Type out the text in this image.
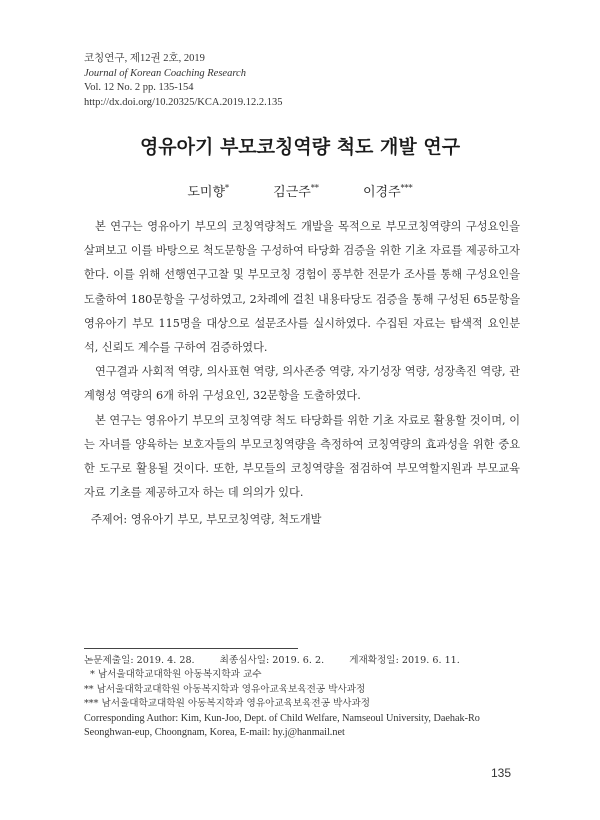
코칭연구, 제12권 2호, 2019
Journal of Korean Coaching Research
Vol. 12 No. 2 pp. 135-154
http://dx.doi.org/10.20325/KCA.2019.12.2.135
영유아기 부모코칭역량 척도 개발 연구
도미향*	김근주**	이경주***

본 연구는 영유아기 부모의 코칭역량척도 개발을 목적으로 부모코칭역량의 구성요인을 살펴보고 이를 바탕으로 척도문항을 구성하여 타당화 검증을 위한 기초 자료를 제공하고자 한다. 이를 위해 선행연구고찰 및 부모코칭 경험이 풍부한 전문가 조사를 통해 구성요인을 도출하여 180문항을 구성하였고, 2차례에 걸친 내용타당도 검증을 통해 구성된 65문항을 영유아기 부모 115명을 대상으로 설문조사를 실시하였다. 수집된 자료는 탐색적 요인분석, 신뢰도 계수를 구하여 검증하였다.

연구결과 사회적 역량, 의사표현 역량, 의사존중 역량, 자기성장 역량, 성장촉진 역량, 관계형성 역량의 6개 하위 구성요인, 32문항을 도출하였다.

본 연구는 영유아기 부모의 코칭역량 척도 타당화를 위한 기초 자료로 활용할 것이며, 이는 자녀를 양육하는 보호자들의 부모코칭역량을 측정하여 코칭역량의 효과성을 위한 중요한 도구로 활용될 것이다. 또한, 부모들의 코칭역량을 점검하여 부모역할지원과 부모교육 자료 기초를 제공하고자 하는 데 의의가 있다.

주제어: 영유아기 부모, 부모코칭역량, 척도개발
논문제출일: 2019. 4. 28.	최종심사일: 2019. 6. 2.	게재확정일: 2019. 6. 11.
* 남서울대학교대학원 아동복지학과 교수
** 남서울대학교대학원 아동복지학과 영유아교육보육전공 박사과정
*** 남서울대학교대학원 아동복지학과 영유아교육보육전공 박사과정
Corresponding Author: Kim, Kun-Joo, Dept. of Child Welfare, Namseoul University, Daehak-Ro
Seonghwan-eup, Choongnam, Korea, E-mail: hy.j@hanmail.net
135
